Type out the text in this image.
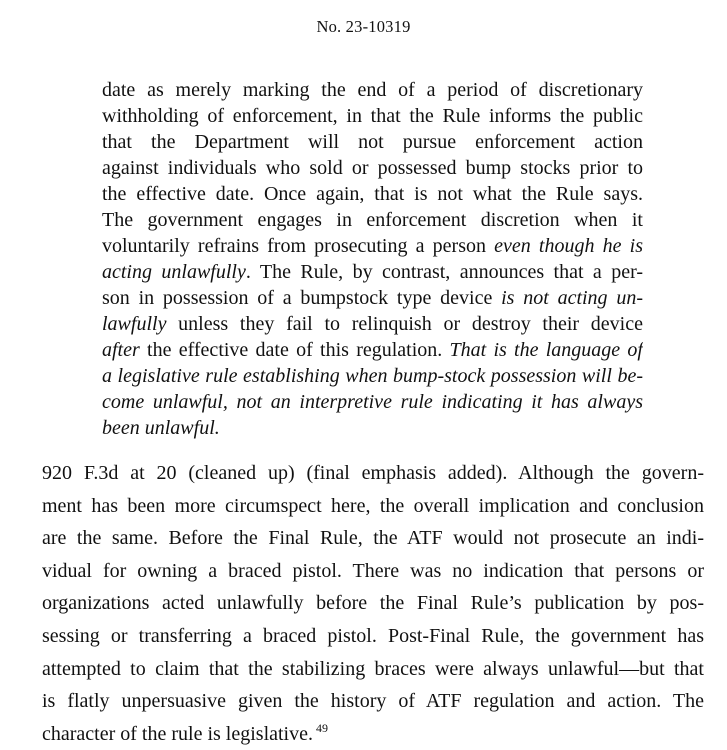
No. 23-10319
date as merely marking the end of a period of discretionary
withholding of enforcement, in that the Rule informs the public
that the Department will not pursue enforcement action
against individuals who sold or possessed bump stocks prior to
the effective date. Once again, that is not what the Rule says.
The government engages in enforcement discretion when it
voluntarily refrains from prosecuting a person even though he is
acting unlawfully. The Rule, by contrast, announces that a per-
son in possession of a bumpstock type device is not acting un-
lawfully unless they fail to relinquish or destroy their device
after the effective date of this regulation. That is the language of
a legislative rule establishing when bump-stock possession will be-
come unlawful, not an interpretive rule indicating it has always
been unlawful.
920 F.3d at 20 (cleaned up) (final emphasis added). Although the govern-
ment has been more circumspect here, the overall implication and conclusion
are the same. Before the Final Rule, the ATF would not prosecute an indi-
vidual for owning a braced pistol. There was no indication that persons or
organizations acted unlawfully before the Final Rule’s publication by pos-
sessing or transferring a braced pistol. Post-Final Rule, the government has
attempted to claim that the stabilizing braces were always unlawful—but that
is flatly unpersuasive given the history of ATF regulation and action. The
character of the rule is legislative. $^{49}$
